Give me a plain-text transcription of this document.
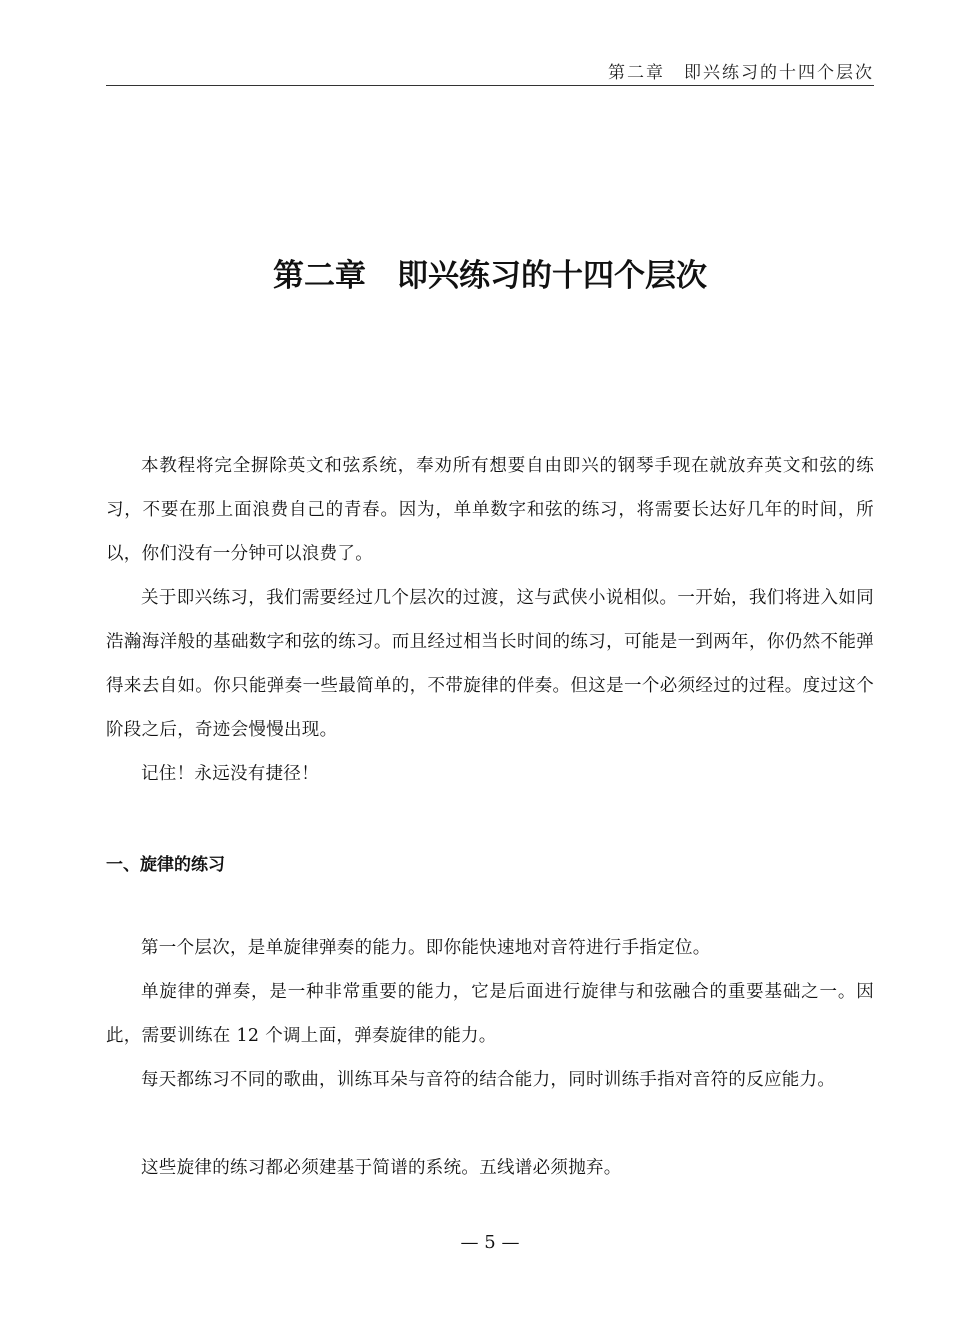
第二章　即兴练习的十四个层次
第二章　即兴练习的十四个层次

本教程将完全摒除英文和弦系统，奉劝所有想要自由即兴的钢琴手现在就放弃英文和弦的练习，不要在那上面浪费自己的青春。因为，单单数字和弦的练习，将需要长达好几年的时间，所以，你们没有一分钟可以浪费了。

关于即兴练习，我们需要经过几个层次的过渡，这与武侠小说相似。一开始，我们将进入如同浩瀚海洋般的基础数字和弦的练习。而且经过相当长时间的练习，可能是一到两年，你仍然不能弹得来去自如。你只能弹奏一些最简单的，不带旋律的伴奏。但这是一个必须经过的过程。度过这个阶段之后，奇迹会慢慢出现。

记住！永远没有捷径！

一、旋律的练习

第一个层次，是单旋律弹奏的能力。即你能快速地对音符进行手指定位。

单旋律的弹奏，是一种非常重要的能力，它是后面进行旋律与和弦融合的重要基础之一。因此，需要训练在 12 个调上面，弹奏旋律的能力。

每天都练习不同的歌曲，训练耳朵与音符的结合能力，同时训练手指对音符的反应能力。

这些旋律的练习都必须建基于简谱的系统。五线谱必须抛弃。

— 5 —
